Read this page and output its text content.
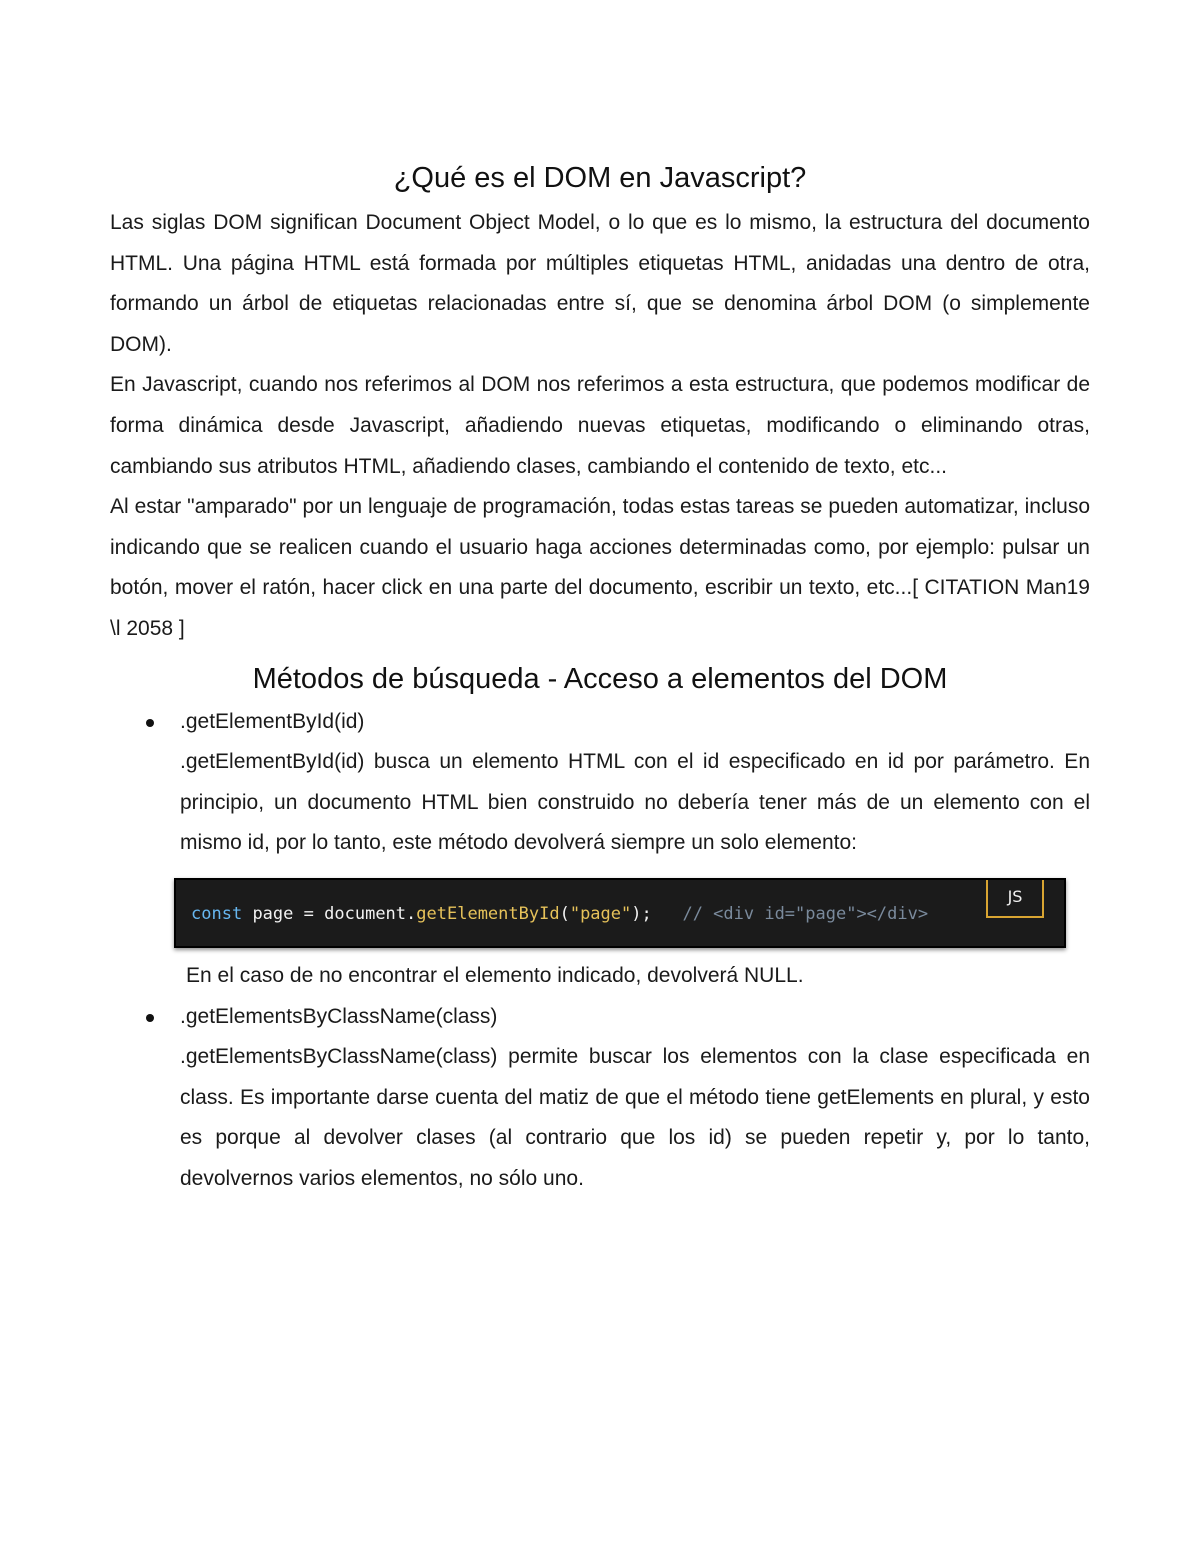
¿Qué es el DOM en Javascript?

Las siglas DOM significan Document Object Model, o lo que es lo mismo, la estructura del documento HTML. Una página HTML está formada por múltiples etiquetas HTML, anidadas una dentro de otra, formando un árbol de etiquetas relacionadas entre sí, que se denomina árbol DOM (o simplemente DOM).

En Javascript, cuando nos referimos al DOM nos referimos a esta estructura, que podemos modificar de forma dinámica desde Javascript, añadiendo nuevas etiquetas, modificando o eliminando otras, cambiando sus atributos HTML, añadiendo clases, cambiando el contenido de texto, etc...

Al estar "amparado" por un lenguaje de programación, todas estas tareas se pueden automatizar, incluso indicando que se realicen cuando el usuario haga acciones determinadas como, por ejemplo: pulsar un botón, mover el ratón, hacer click en una parte del documento, escribir un texto, etc...[ CITATION Man19 \l 2058 ]

Métodos de búsqueda - Acceso a elementos del DOM
.getElementById(id)

.getElementById(id) busca un elemento HTML con el id especificado en id por parámetro. En principio, un documento HTML bien construido no debería tener más de un elemento con el mismo id, por lo tanto, este método devolverá siempre un solo elemento:

const page = document.getElementById("page"); // <div id="page"></div>
JS

En el caso de no encontrar el elemento indicado, devolverá NULL.

.getElementsByClassName(class)

.getElementsByClassName(class) permite buscar los elementos con la clase especificada en class. Es importante darse cuenta del matiz de que el método tiene getElements en plural, y esto es porque al devolver clases (al contrario que los id) se pueden repetir y, por lo tanto, devolvernos varios elementos, no sólo uno.
